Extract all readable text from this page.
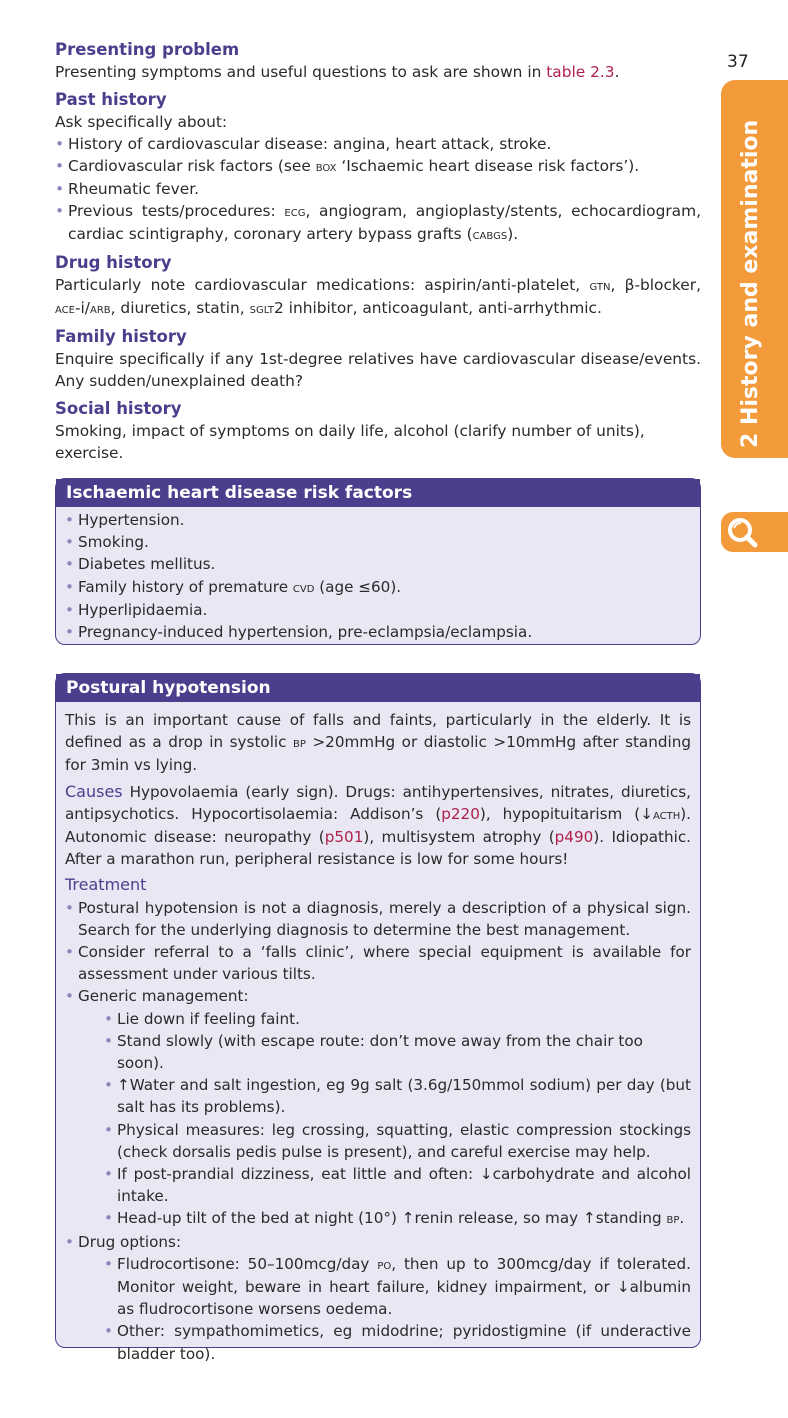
Presenting problem

Presenting symptoms and useful questions to ask are shown in table 2.3.

Past history

Ask specifically about:

• History of cardiovascular disease: angina, heart attack, stroke.
• Cardiovascular risk factors (see box ‘Ischaemic heart disease risk factors’).
• Rheumatic fever.
• Previous tests/procedures: ecg, angiogram, angioplasty/stents, echocardiogram, cardiac scintigraphy, coronary artery bypass grafts (cabgs).

Drug history

Particularly note cardiovascular medications: aspirin/anti-platelet, gtn, β-blocker, ace-i/arb, diuretics, statin, sglt2 inhibitor, anticoagulant, anti-arrhythmic.

Family history

Enquire specifically if any 1st-degree relatives have cardiovascular disease/events. Any sudden/unexplained death?

Social history

Smoking, impact of symptoms on daily life, alcohol (clarify number of units), exercise.

Ischaemic heart disease risk factors
• Hypertension.
• Smoking.
• Diabetes mellitus.
• Family history of premature cvd (age ≤60).
• Hyperlipidaemia.
• Pregnancy-induced hypertension, pre-eclampsia/eclampsia.
Postural hypotension

This is an important cause of falls and faints, particularly in the elderly. It is defined as a drop in systolic bp >20mmHg or diastolic >10mmHg after standing for 3min vs lying.

Causes Hypovolaemia (early sign). Drugs: antihypertensives, nitrates, diuretics, antipsychotics. Hypocortisolaemia: Addison’s (p220), hypopituitarism (↓acth). Autonomic disease: neuropathy (p501), multisystem atrophy (p490). Idiopathic. After a marathon run, peripheral resistance is low for some hours!

Treatment

• Postural hypotension is not a diagnosis, merely a description of a physical sign. Search for the underlying diagnosis to determine the best management.
• Consider referral to a ‘falls clinic’, where special equipment is available for assessment under various tilts.
• Generic management:
• Lie down if feeling faint.
• Stand slowly (with escape route: don’t move away from the chair too soon).
• ↑Water and salt ingestion, eg 9g salt (3.6g/150mmol sodium) per day (but salt has its problems).
• Physical measures: leg crossing, squatting, elastic compression stockings (check dorsalis pedis pulse is present), and careful exercise may help.
• If post-prandial dizziness, eat little and often: ↓carbohydrate and alcohol intake.
• Head-up tilt of the bed at night (10°) ↑renin release, so may ↑standing bp.
• Drug options:
• Fludrocortisone: 50–100mcg/day po, then up to 300mcg/day if tolerated. Monitor weight, beware in heart failure, kidney impairment, or ↓albumin as fludrocortisone worsens oedema.
• Other: sympathomimetics, eg midodrine; pyridostigmine (if underactive bladder too).
37
2 History and examination
